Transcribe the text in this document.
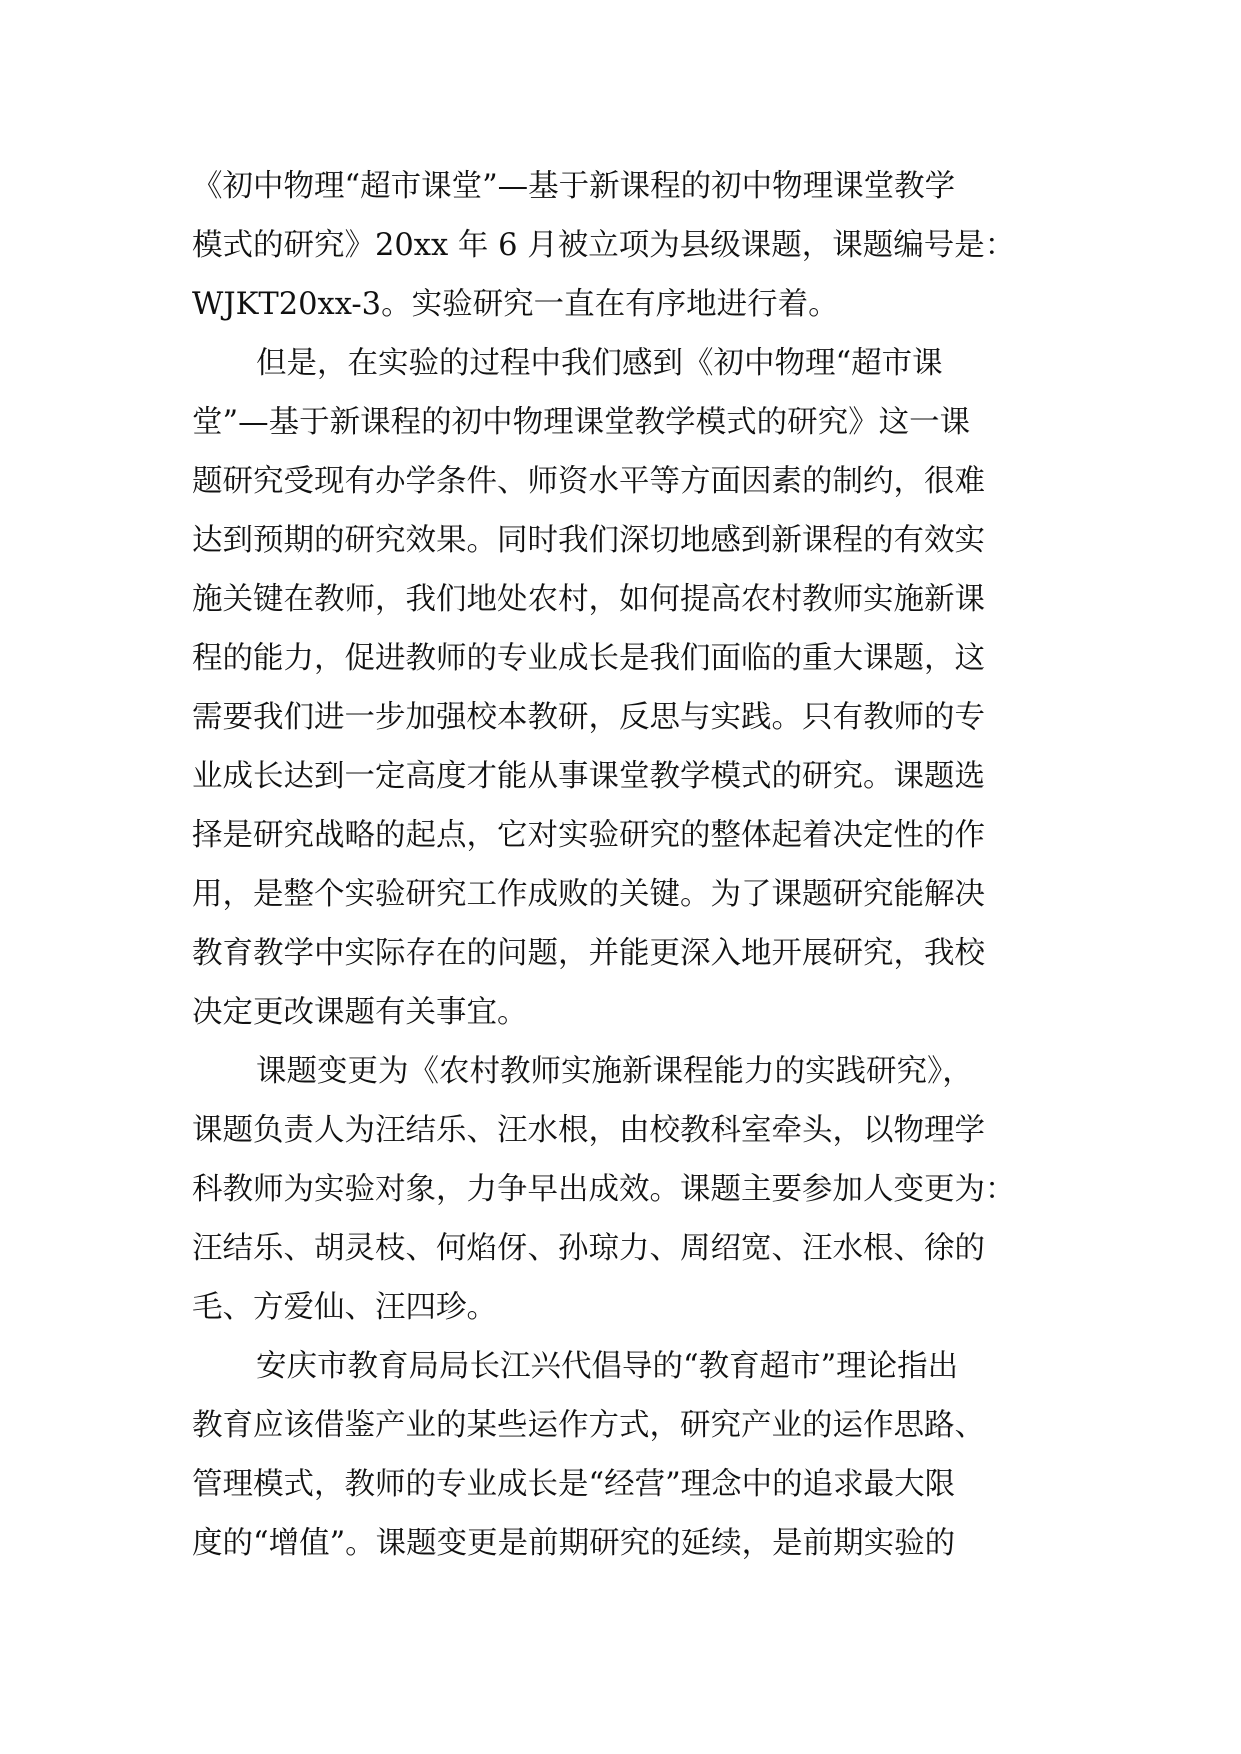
《初中物理“超市课堂”—基于新课程的初中物理课堂教学
模式的研究》20xx 年 6 月被立项为县级课题，课题编号是：
WJKT20xx-3。实验研究一直在有序地进行着。
但是，在实验的过程中我们感到《初中物理“超市课
堂”—基于新课程的初中物理课堂教学模式的研究》这一课
题研究受现有办学条件、师资水平等方面因素的制约，很难
达到预期的研究效果。同时我们深切地感到新课程的有效实
施关键在教师，我们地处农村，如何提高农村教师实施新课
程的能力，促进教师的专业成长是我们面临的重大课题，这
需要我们进一步加强校本教研，反思与实践。只有教师的专
业成长达到一定高度才能从事课堂教学模式的研究。课题选
择是研究战略的起点，它对实验研究的整体起着决定性的作
用，是整个实验研究工作成败的关键。为了课题研究能解决
教育教学中实际存在的问题，并能更深入地开展研究，我校
决定更改课题有关事宜。
课题变更为《农村教师实施新课程能力的实践研究》，
课题负责人为汪结乐、汪水根，由校教科室牵头，以物理学
科教师为实验对象，力争早出成效。课题主要参加人变更为：
汪结乐、胡灵枝、何焰伢、孙琼力、周绍宽、汪水根、徐的
毛、方爱仙、汪四珍。
安庆市教育局局长江兴代倡导的“教育超市”理论指出
教育应该借鉴产业的某些运作方式，研究产业的运作思路、
管理模式，教师的专业成长是“经营”理念中的追求最大限
度的“增值”。课题变更是前期研究的延续，是前期实验的
